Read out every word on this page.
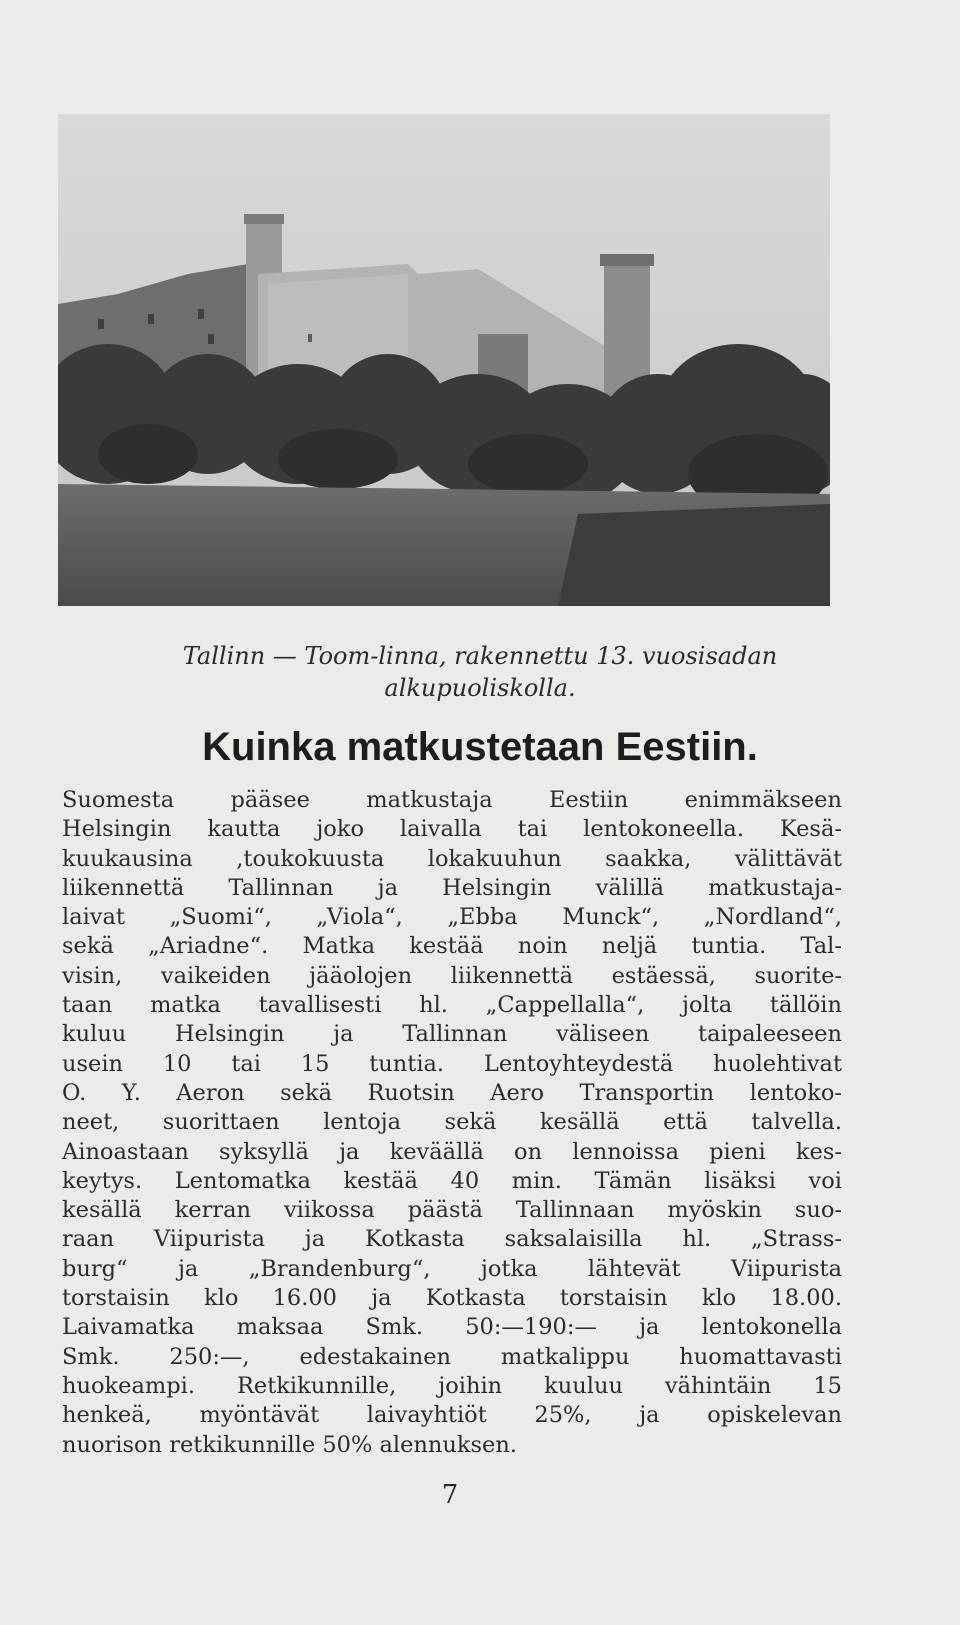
Tallinn — Toom-linna, rakennettu 13. vuosisadan
alkupuoliskolla.
Kuinka matkustetaan Eestiin.
Suomesta pääsee matkustaja Eestiin enimmäkseen
Helsingin kautta joko laivalla tai lentokoneella. Kesä-
kuukausina ,toukokuusta lokakuuhun saakka, välittävät
liikennettä Tallinnan ja Helsingin välillä matkustaja-
laivat „Suomi“, „Viola“, „Ebba Munck“, „Nordland“,
sekä „Ariadne“. Matka kestää noin neljä tuntia. Tal-
visin, vaikeiden jääolojen liikennettä estäessä, suorite-
taan matka tavallisesti hl. „Cappellalla“, jolta tällöin
kuluu Helsingin ja Tallinnan väliseen taipaleeseen
usein 10 tai 15 tuntia. Lentoyhteydestä huolehtivat
O. Y. Aeron sekä Ruotsin Aero Transportin lentoko-
neet, suorittaen lentoja sekä kesällä että talvella.
Ainoastaan syksyllä ja keväällä on lennoissa pieni kes-
keytys. Lentomatka kestää 40 min. Tämän lisäksi voi
kesällä kerran viikossa päästä Tallinnaan myöskin suo-
raan Viipurista ja Kotkasta saksalaisilla hl. „Strass-
burg“ ja „Brandenburg“, jotka lähtevät Viipurista
torstaisin klo 16.00 ja Kotkasta torstaisin klo 18.00.
Laivamatka maksaa Smk. 50:—190:— ja lentokonella
Smk. 250:—, edestakainen matkalippu huomattavasti
huokeampi. Retkikunnille, joihin kuuluu vähintäin 15
henkeä, myöntävät laivayhtiöt 25%, ja opiskelevan
nuorison retkikunnille 50% alennuksen.
7
